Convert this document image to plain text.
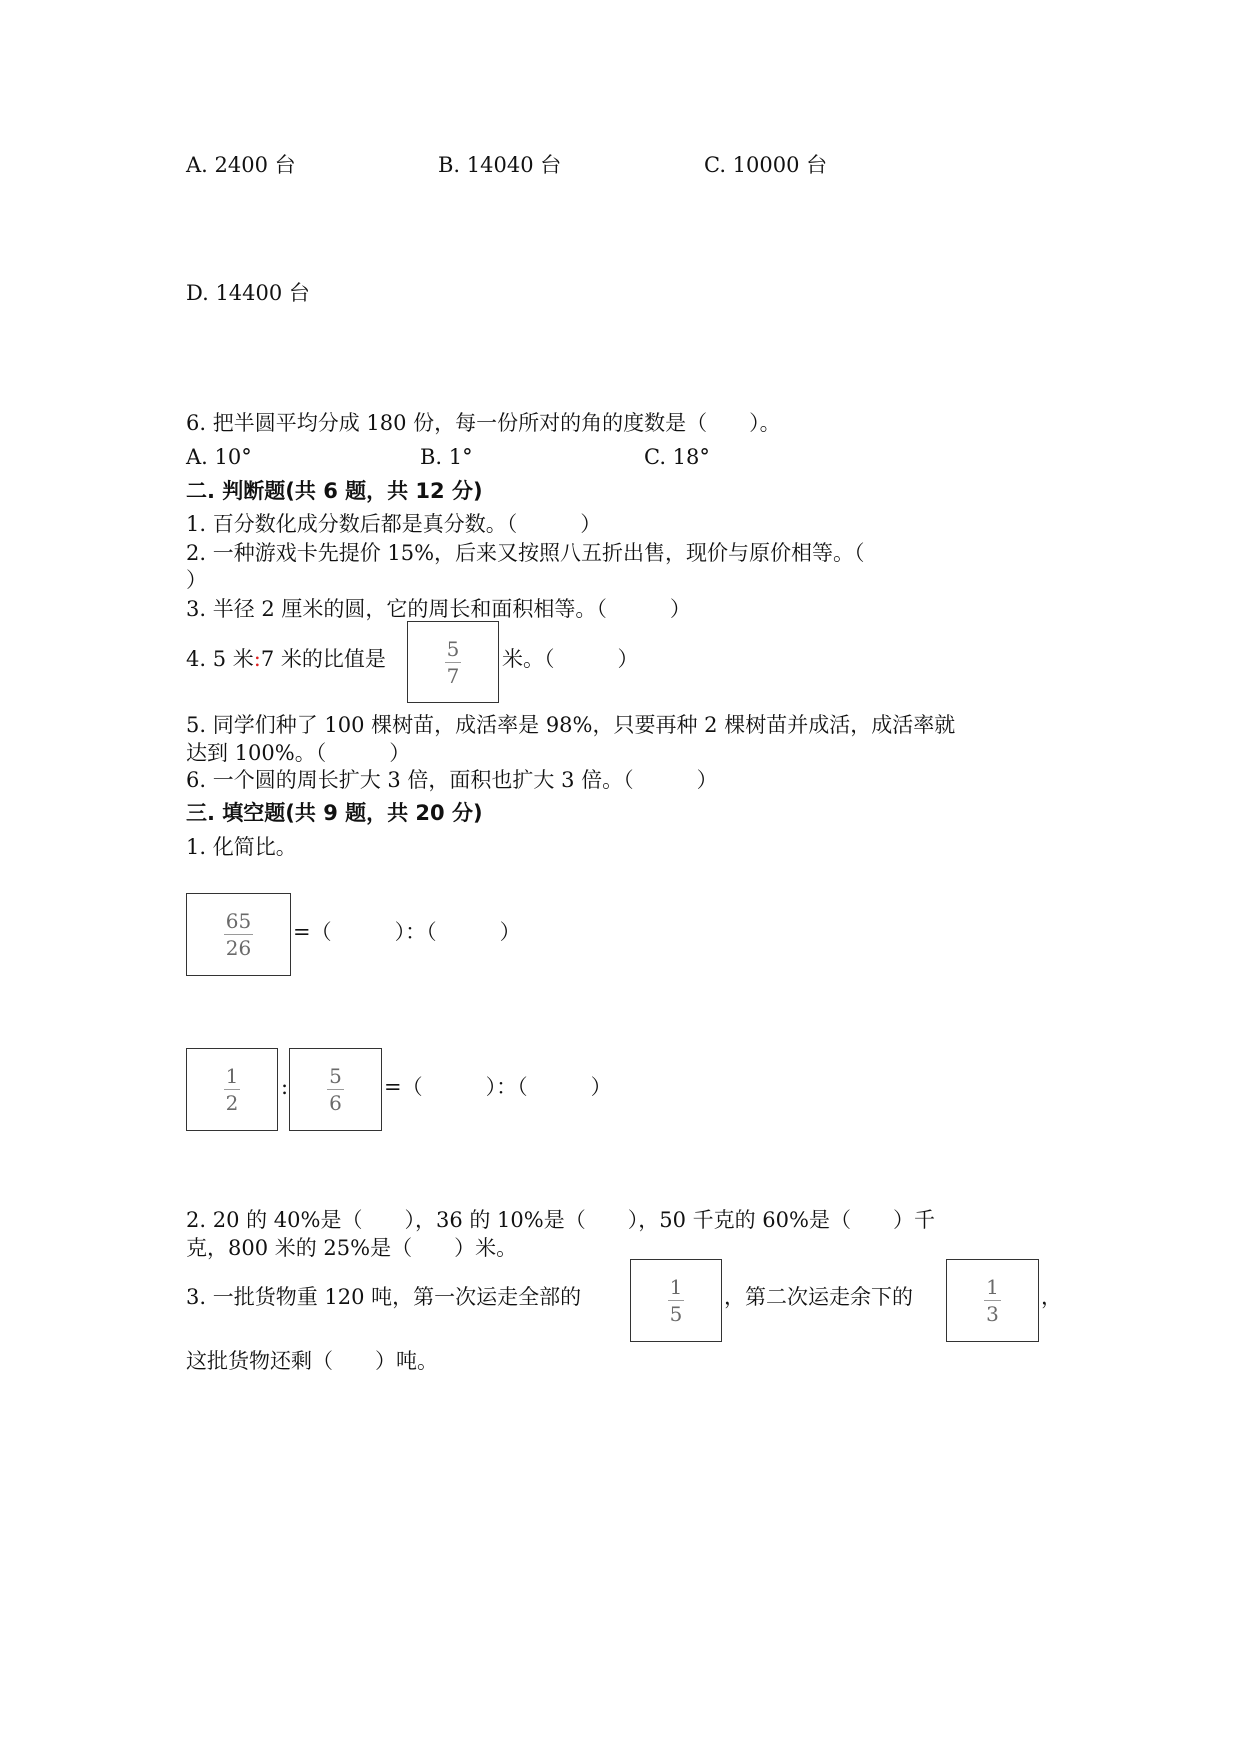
A. 2400 台	B. 14040 台	C. 10000 台
D. 14400 台
6. 把半圆平均分成 180 份，每一份所对的角的度数是（　　）。
A. 10°	B. 1°	C. 18°
二. 判断题(共 6 题，共 12 分)
1. 百分数化成分数后都是真分数。（　　　）
2. 一种游戏卡先提价 15%，后来又按照八五折出售，现价与原价相等。（
）
3. 半径 2 厘米的圆，它的周长和面积相等。（　　　）
4. 5 米:7 米的比值是	$\frac{5}{7}$ 米。（　　　）
5. 同学们种了 100 棵树苗，成活率是 98%，只要再种 2 棵树苗并成活，成活率就
达到 100%。（　　　）
6. 一个圆的周长扩大 3 倍，面积也扩大 3 倍。（　　　）
三. 填空题(共 9 题，共 20 分)
1. 化简比。
$\frac{65}{26}$ =（　　　）：（　　　）
$\frac{1}{2}$ : $\frac{5}{6}$ =（　　　）：（　　　）
2. 20 的 40%是（　　），36 的 10%是（　　），50 千克的 60%是（　　）千
克，800 米的 25%是（　　）米。
3. 一批货物重 120 吨，第一次运走全部的	$\frac{1}{5}$ ，第二次运走余下的	$\frac{1}{3}$ ，
这批货物还剩（　　）吨。
